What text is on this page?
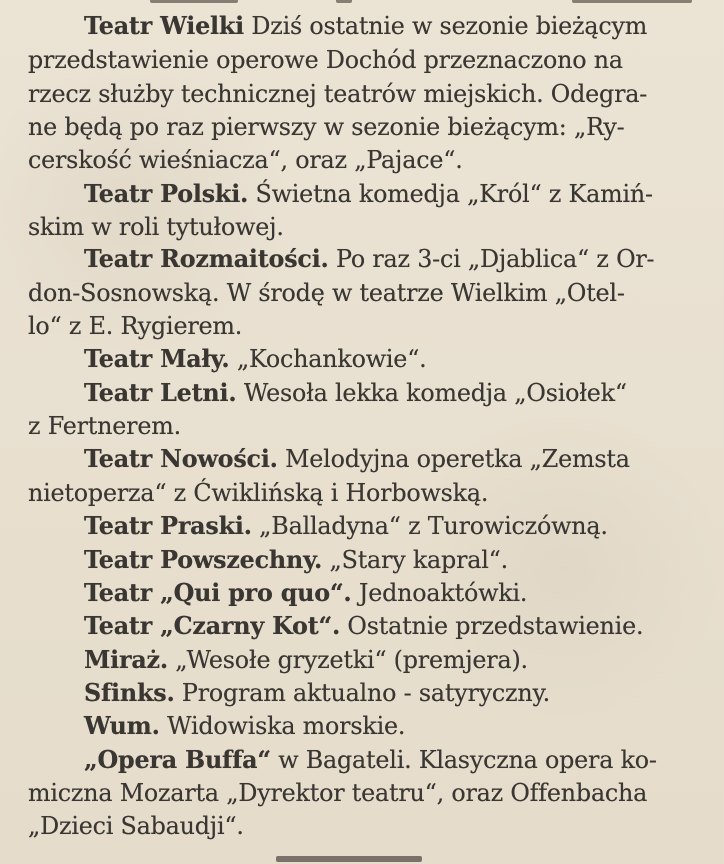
Teatr Wielki Dziś ostatnie w sezonie bieżącym
przedstawienie operowe Dochód przeznaczono na
rzecz służby technicznej teatrów miejskich. Odegra-
ne będą po raz pierwszy w sezonie bieżącym: „Ry-
cerskość wieśniacza“, oraz „Pajace“.
Teatr Polski. Świetna komedja „Król“ z Kamiń-
skim w roli tytułowej.
Teatr Rozmaitości. Po raz 3-ci „Djablica“ z Or-
don-Sosnowską. W środę w teatrze Wielkim „Otel-
lo“ z E. Rygierem.
Teatr Mały. „Kochankowie“.
Teatr Letni. Wesoła lekka komedja „Osiołek“
z Fertnerem.
Teatr Nowości. Melodyjna operetka „Zemsta
nietoperza“ z Ćwiklińską i Horbowską.
Teatr Praski. „Balladyna“ z Turowiczówną.
Teatr Powszechny. „Stary kapral“.
Teatr „Qui pro quo“. Jednoaktówki.
Teatr „Czarny Kot“. Ostatnie przedstawienie.
Miraż. „Wesołe gryzetki“ (premjera).
Sfinks. Program aktualno - satyryczny.
Wum. Widowiska morskie.
„Opera Buffa“ w Bagateli. Klasyczna opera ko-
miczna Mozarta „Dyrektor teatru“, oraz Offenbacha
„Dzieci Sabaudji“.
